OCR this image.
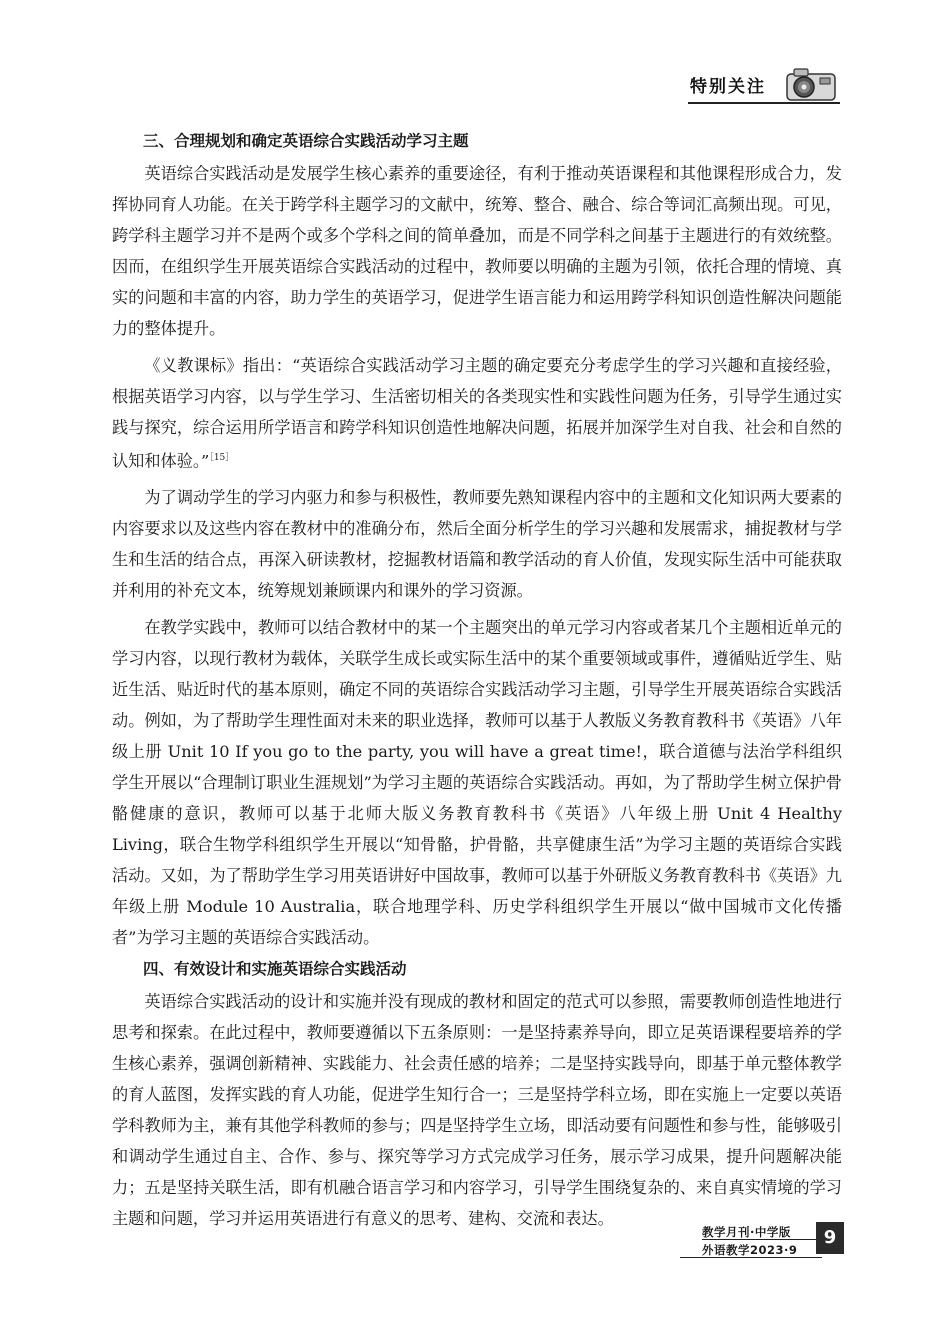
特别关注
三、合理规划和确定英语综合实践活动学习主题

英语综合实践活动是发展学生核心素养的重要途径，有利于推动英语课程和其他课程形成合力，发挥协同育人功能。在关于跨学科主题学习的文献中，统筹、整合、融合、综合等词汇高频出现。可见，跨学科主题学习并不是两个或多个学科之间的简单叠加，而是不同学科之间基于主题进行的有效统整。因而，在组织学生开展英语综合实践活动的过程中，教师要以明确的主题为引领，依托合理的情境、真实的问题和丰富的内容，助力学生的英语学习，促进学生语言能力和运用跨学科知识创造性解决问题能力的整体提升。

《义教课标》指出：“英语综合实践活动学习主题的确定要充分考虑学生的学习兴趣和直接经验，根据英语学习内容，以与学生学习、生活密切相关的各类现实性和实践性问题为任务，引导学生通过实践与探究，综合运用所学语言和跨学科知识创造性地解决问题，拓展并加深学生对自我、社会和自然的认知和体验。”$^{[15]}$

为了调动学生的学习内驱力和参与积极性，教师要先熟知课程内容中的主题和文化知识两大要素的内容要求以及这些内容在教材中的准确分布，然后全面分析学生的学习兴趣和发展需求，捕捉教材与学生和生活的结合点，再深入研读教材，挖掘教材语篇和教学活动的育人价值，发现实际生活中可能获取并利用的补充文本，统筹规划兼顾课内和课外的学习资源。

在教学实践中，教师可以结合教材中的某一个主题突出的单元学习内容或者某几个主题相近单元的学习内容，以现行教材为载体，关联学生成长或实际生活中的某个重要领域或事件，遵循贴近学生、贴近生活、贴近时代的基本原则，确定不同的英语综合实践活动学习主题，引导学生开展英语综合实践活动。例如，为了帮助学生理性面对未来的职业选择，教师可以基于人教版义务教育教科书《英语》八年级上册 Unit 10 If you go to the party, you will have a great time!，联合道德与法治学科组织学生开展以“合理制订职业生涯规划”为学习主题的英语综合实践活动。再如，为了帮助学生树立保护骨骼健康的意识，教师可以基于北师大版义务教育教科书《英语》八年级上册 Unit 4 Healthy Living，联合生物学科组织学生开展以“知骨骼，护骨骼，共享健康生活”为学习主题的英语综合实践活动。又如，为了帮助学生学习用英语讲好中国故事，教师可以基于外研版义务教育教科书《英语》九年级上册 Module 10 Australia，联合地理学科、历史学科组织学生开展以“做中国城市文化传播者”为学习主题的英语综合实践活动。

四、有效设计和实施英语综合实践活动

英语综合实践活动的设计和实施并没有现成的教材和固定的范式可以参照，需要教师创造性地进行思考和探索。在此过程中，教师要遵循以下五条原则：一是坚持素养导向，即立足英语课程要培养的学生核心素养，强调创新精神、实践能力、社会责任感的培养；二是坚持实践导向，即基于单元整体教学的育人蓝图，发挥实践的育人功能，促进学生知行合一；三是坚持学科立场，即在实施上一定要以英语学科教师为主，兼有其他学科教师的参与；四是坚持学生立场，即活动要有问题性和参与性，能够吸引和调动学生通过自主、合作、参与、探究等学习方式完成学习任务，展示学习成果，提升问题解决能力；五是坚持关联生活，即有机融合语言学习和内容学习，引导学生围绕复杂的、来自真实情境的学习主题和问题，学习并运用英语进行有意义的思考、建构、交流和表达。

教学月刊·中学版
外语教学2023·9
9
